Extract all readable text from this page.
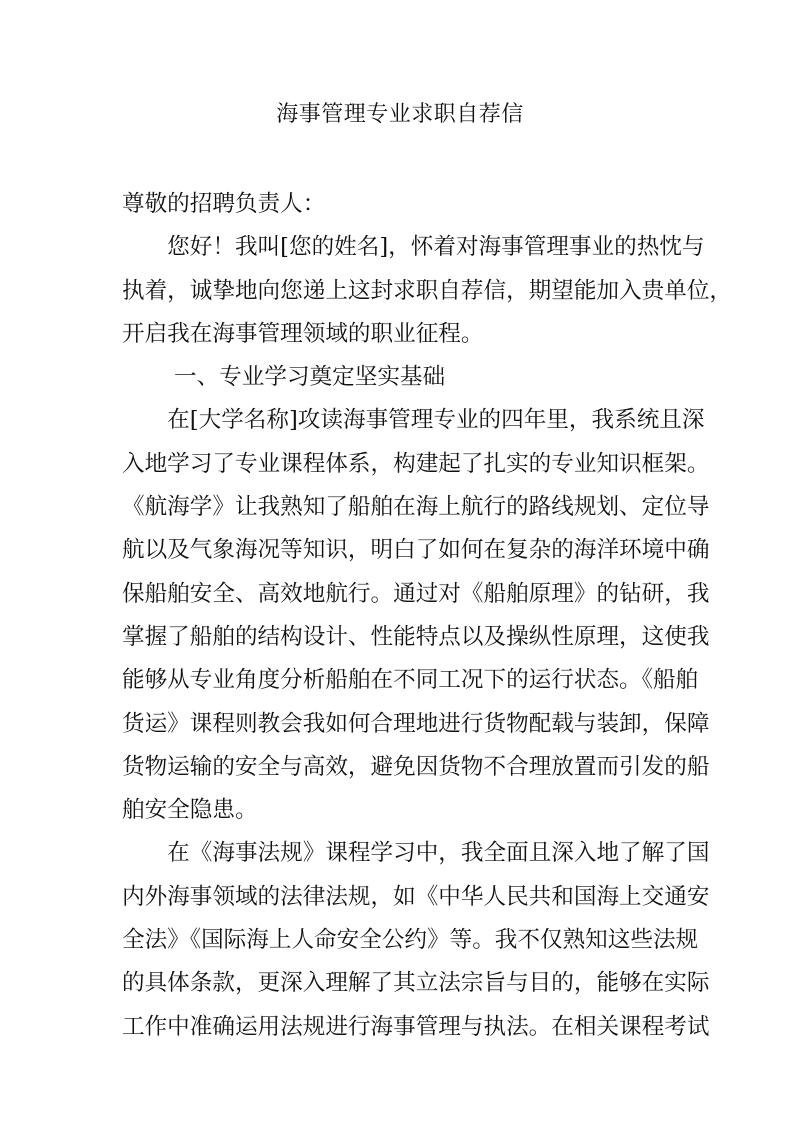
海事管理专业求职自荐信
尊敬的招聘负责人：
　　您好！我叫[您的姓名]，怀着对海事管理事业的热忱与
执着，诚挚地向您递上这封求职自荐信，期望能加入贵单位，
开启我在海事管理领域的职业征程。
一、专业学习奠定坚实基础
　　在[大学名称]攻读海事管理专业的四年里，我系统且深
入地学习了专业课程体系，构建起了扎实的专业知识框架。
《航海学》让我熟知了船舶在海上航行的路线规划、定位导
航以及气象海况等知识，明白了如何在复杂的海洋环境中确
保船舶安全、高效地航行。通过对《船舶原理》的钻研，我
掌握了船舶的结构设计、性能特点以及操纵性原理，这使我
能够从专业角度分析船舶在不同工况下的运行状态。《船舶
货运》课程则教会我如何合理地进行货物配载与装卸，保障
货物运输的安全与高效，避免因货物不合理放置而引发的船
舶安全隐患。
　　在《海事法规》课程学习中，我全面且深入地了解了国
内外海事领域的法律法规，如《中华人民共和国海上交通安
全法》《国际海上人命安全公约》等。我不仅熟知这些法规
的具体条款，更深入理解了其立法宗旨与目的，能够在实际
工作中准确运用法规进行海事管理与执法。在相关课程考试
